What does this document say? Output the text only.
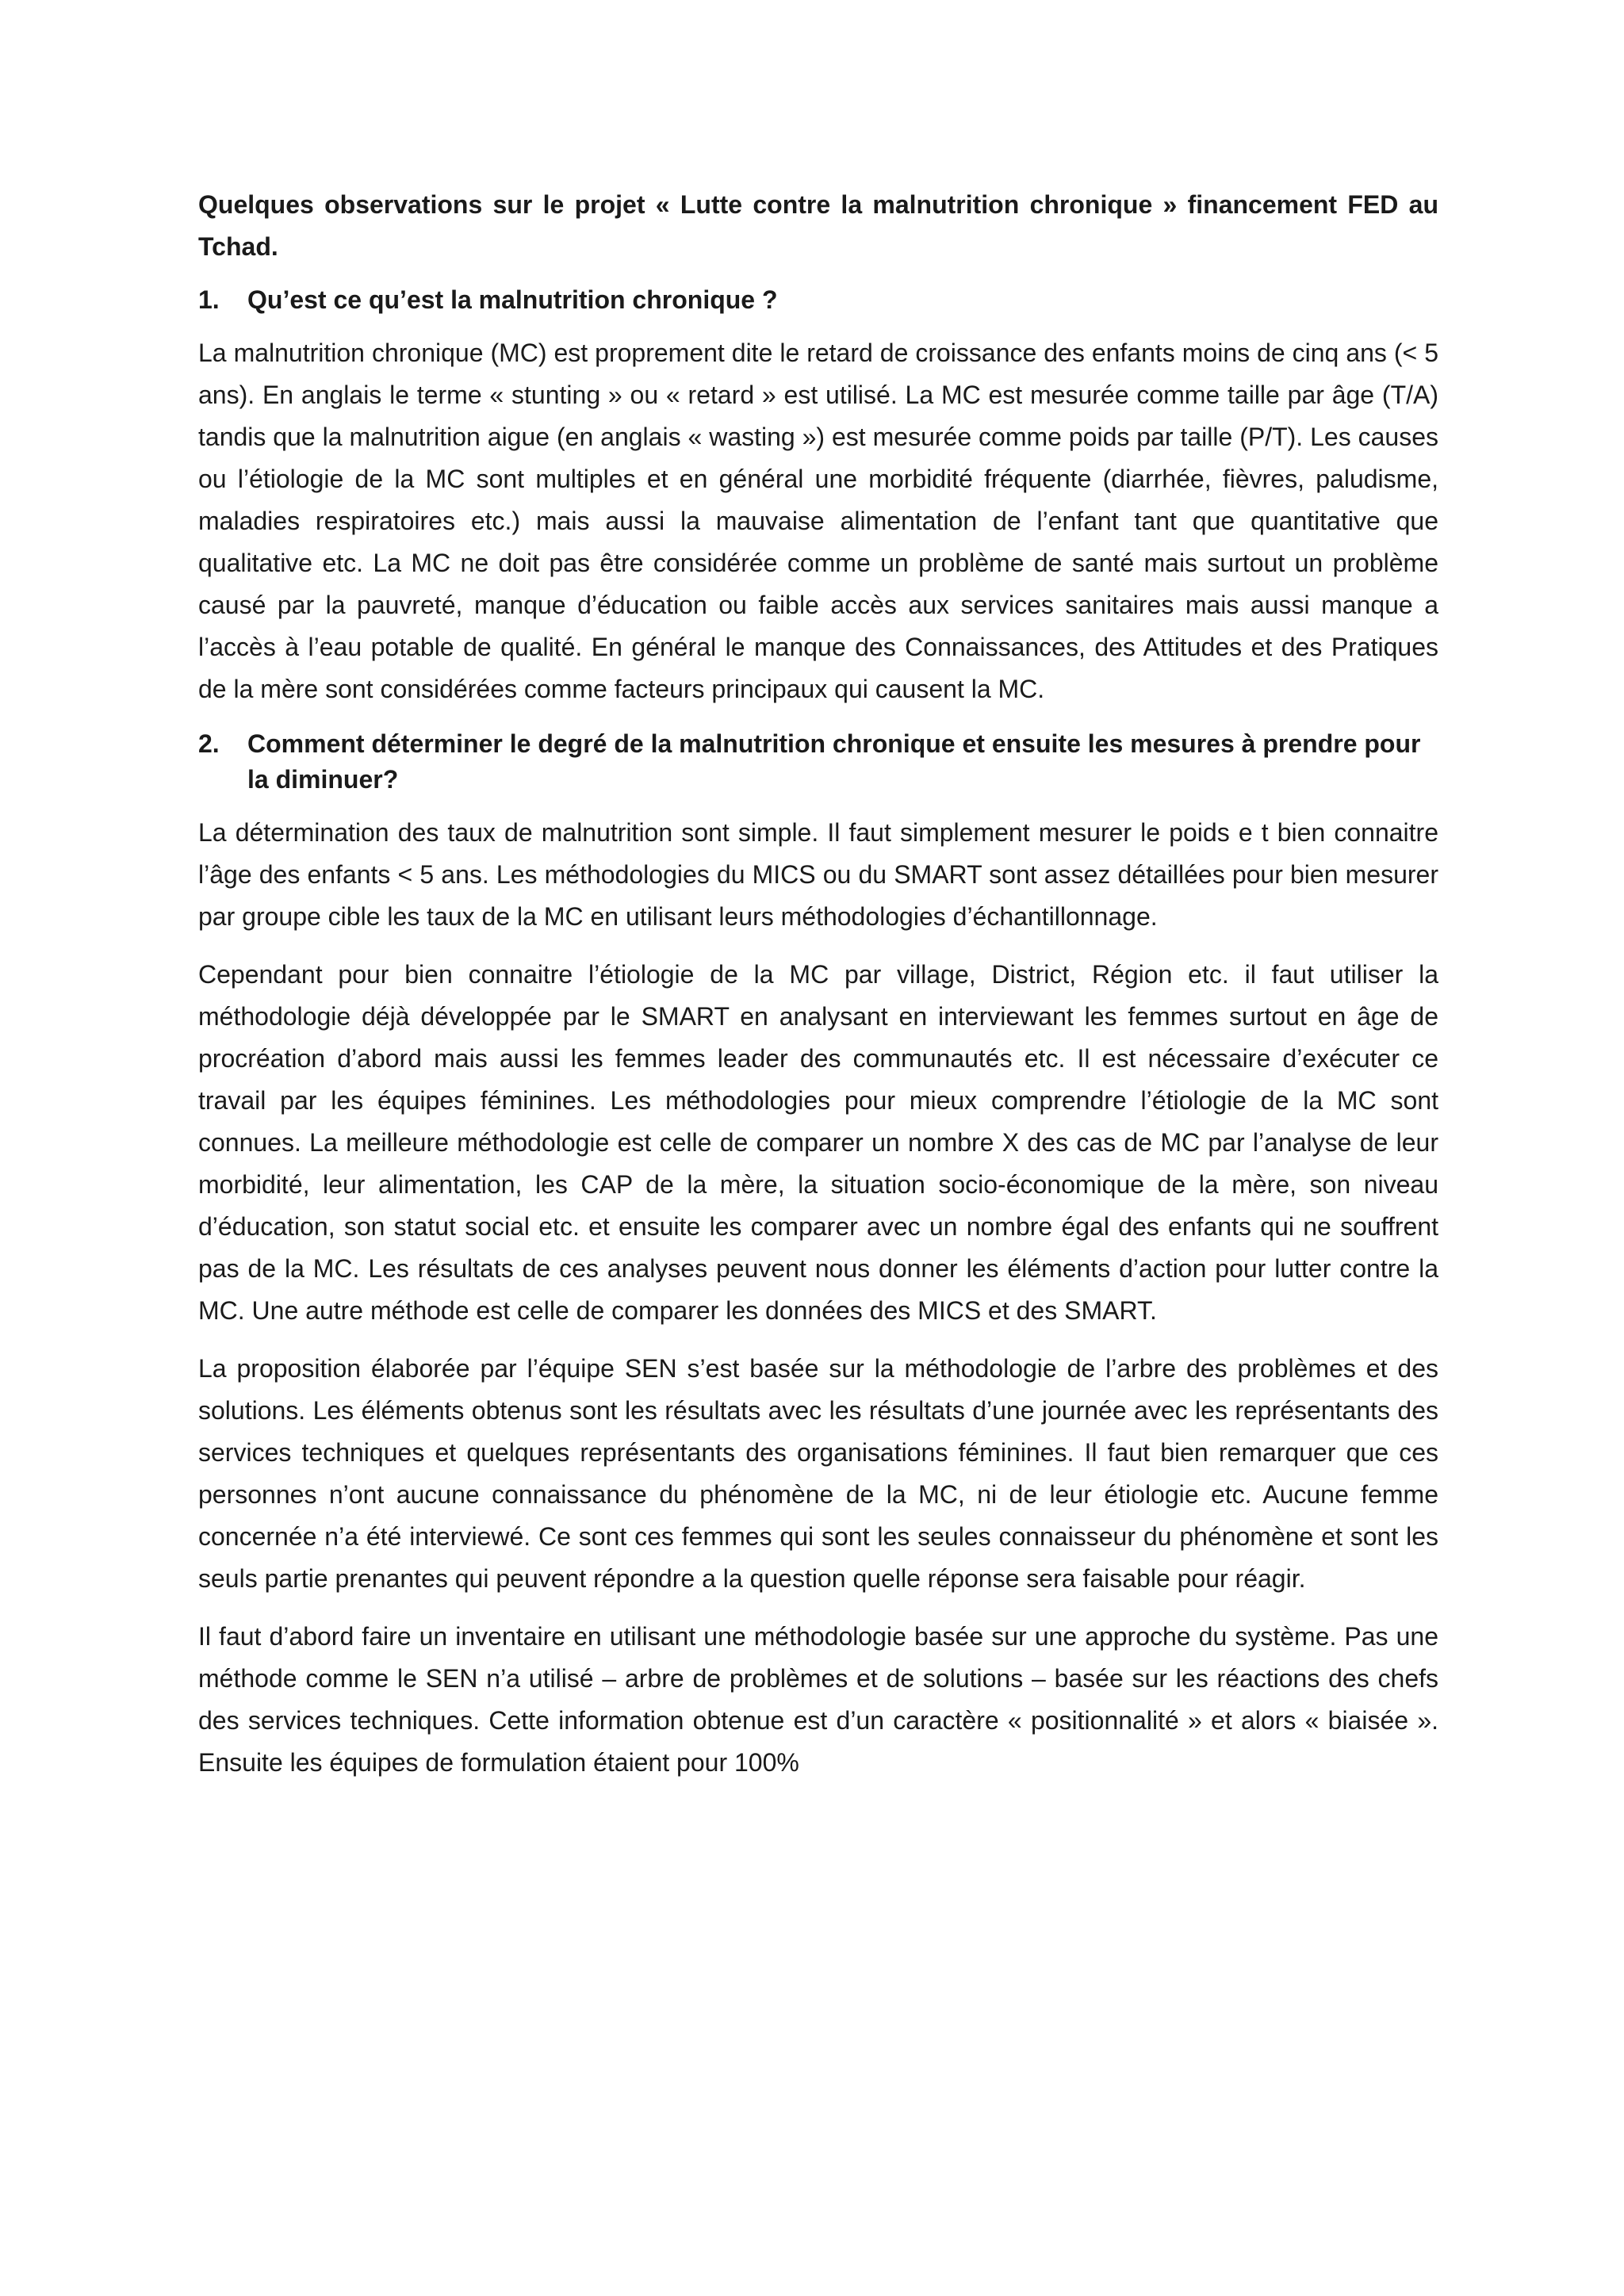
Quelques observations sur le projet « Lutte contre la malnutrition chronique » financement FED au Tchad.

1.	Qu’est ce qu’est la malnutrition chronique ?

La malnutrition chronique (MC) est proprement dite le retard de croissance des enfants moins de cinq ans (< 5 ans). En anglais le terme « stunting » ou « retard » est utilisé. La MC est mesurée comme taille par âge (T/A) tandis que la malnutrition aigue (en anglais « wasting ») est mesurée comme poids par taille (P/T). Les causes ou l’étiologie de la MC sont multiples et en général une morbidité fréquente (diarrhée, fièvres, paludisme, maladies respiratoires etc.) mais aussi la mauvaise alimentation de l’enfant tant que quantitative que qualitative etc. La MC ne doit pas être considérée comme un problème de santé mais surtout un problème causé par la pauvreté, manque d’éducation ou faible accès aux services sanitaires mais aussi manque a l’accès à l’eau potable de qualité. En général le manque des Connaissances, des Attitudes et des Pratiques de la mère sont considérées comme facteurs principaux qui causent la MC.

2.	Comment déterminer le degré de la malnutrition chronique et ensuite les mesures à prendre pour la diminuer?

La détermination des taux de malnutrition sont simple. Il faut simplement mesurer le poids e t bien connaitre l’âge des enfants < 5 ans. Les méthodologies du MICS ou du SMART sont assez détaillées pour bien mesurer par groupe cible les taux de la MC en utilisant leurs méthodologies d’échantillonnage.

Cependant pour bien connaitre l’étiologie de la MC par village, District, Région etc. il faut utiliser la méthodologie déjà développée par le SMART en analysant en interviewant les femmes surtout en âge de procréation d’abord mais aussi les femmes leader des communautés etc. Il est nécessaire d’exécuter ce travail par les équipes féminines. Les méthodologies pour mieux comprendre l’étiologie de la MC sont connues. La meilleure méthodologie est celle de comparer un nombre X des cas de MC par l’analyse de leur morbidité, leur alimentation, les CAP de la mère, la situation socio-économique de la mère, son niveau d’éducation, son statut social etc. et ensuite les comparer avec un nombre égal des enfants qui ne souffrent pas de la MC. Les résultats de ces analyses peuvent nous donner les éléments d’action pour lutter contre la MC. Une autre méthode est celle de comparer les données des MICS et des SMART.

La proposition élaborée par l’équipe SEN s’est basée sur la méthodologie de l’arbre des problèmes et des solutions. Les éléments obtenus sont les résultats avec les résultats d’une journée avec les représentants des services techniques et quelques représentants des organisations féminines. Il faut bien remarquer que ces personnes n’ont aucune connaissance du phénomène de la MC, ni de leur étiologie etc. Aucune femme concernée n’a été interviewé. Ce sont ces femmes qui sont les seules connaisseur du phénomène et sont les seuls partie prenantes qui peuvent répondre a la question quelle réponse sera faisable pour réagir.

Il faut d’abord faire un inventaire en utilisant une méthodologie basée sur une approche du système. Pas une méthode comme le SEN n’a utilisé – arbre de problèmes et de solutions – basée sur les réactions des chefs des services techniques. Cette information obtenue est d’un caractère « positionnalité » et alors « biaisée ». Ensuite les équipes de formulation étaient pour 100%
